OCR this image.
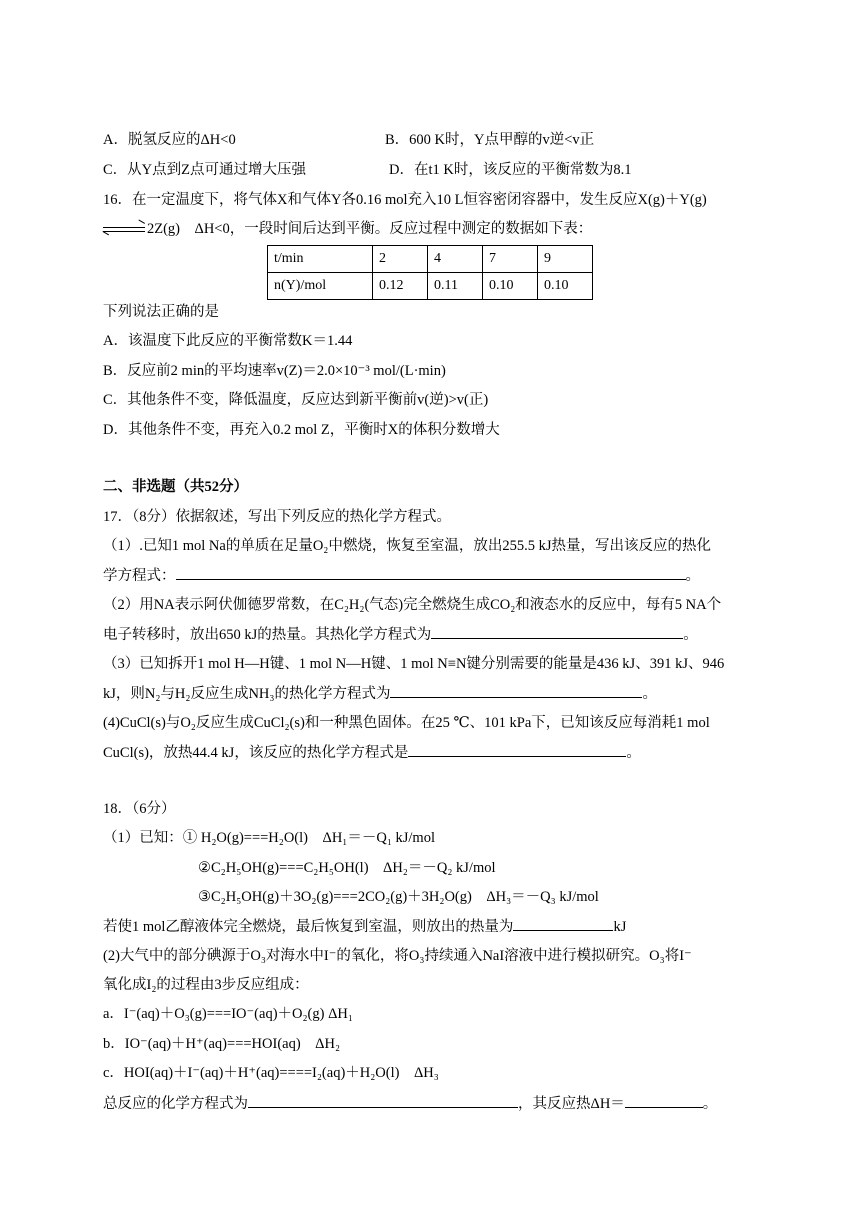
A．脱氢反应的ΔH<0	B．600 K时，Y点甲醇的v逆<v正
C．从Y点到Z点可通过增大压强	D．在t1 K时，该反应的平衡常数为8.1
16．在一定温度下，将气体X和气体Y各0.16 mol充入10 L恒容密闭容器中，发生反应X(g)＋Y(g)
2Z(g)　ΔH<0，一段时间后达到平衡。反应过程中测定的数据如下表：
t/min	2	4	7	9
n(Y)/mol	0.12	0.11	0.10	0.10
下列说法正确的是
A．该温度下此反应的平衡常数K＝1.44
B．反应前2 min的平均速率v(Z)＝2.0×10⁻³ mol/(L·min)
C．其他条件不变，降低温度，反应达到新平衡前v(逆)>v(正)
D．其他条件不变，再充入0.2 mol Z，平衡时X的体积分数增大
二、非选题（共52分）
17．（8分）依据叙述，写出下列反应的热化学方程式。
（1）.已知1 mol Na的单质在足量O₂中燃烧，恢复至室温，放出255.5 kJ热量，写出该反应的热化
学方程式：	。
（2）用NA表示阿伏伽德罗常数，在C₂H₂(气态)完全燃烧生成CO₂和液态水的反应中，每有5 NA个
电子转移时，放出650 kJ的热量。其热化学方程式为	。
（3）已知拆开1 mol H—H键、1 mol N—H键、1 mol N≡N键分别需要的能量是436 kJ、391 kJ、946
kJ，则N₂与H₂反应生成NH₃的热化学方程式为	。
(4)CuCl(s)与O₂反应生成CuCl₂(s)和一种黑色固体。在25 ℃、101 kPa下，已知该反应每消耗1 mol
CuCl(s)，放热44.4 kJ，该反应的热化学方程式是	。
18．（6分）
（1）已知：① H₂O(g)===H₂O(l)　ΔH₁＝－Q₁ kJ/mol
②C₂H₅OH(g)===C₂H₅OH(l)　ΔH₂＝－Q₂ kJ/mol
③C₂H₅OH(g)＋3O₂(g)===2CO₂(g)＋3H₂O(g)　ΔH₃＝－Q₃ kJ/mol
若使1 mol乙醇液体完全燃烧，最后恢复到室温，则放出的热量为	kJ
(2)大气中的部分碘源于O₃对海水中I⁻的氧化，将O₃持续通入NaI溶液中进行模拟研究。O₃将I⁻
氧化成I₂的过程由3步反应组成：
a．I⁻(aq)＋O₃(g)===IO⁻(aq)＋O₂(g) ΔH₁
b．IO⁻(aq)＋H⁺(aq)===HOI(aq)　ΔH₂
c．HOI(aq)＋I⁻(aq)＋H⁺(aq)====I₂(aq)＋H₂O(l)　ΔH₃
总反应的化学方程式为	，其反应热ΔH＝	。
